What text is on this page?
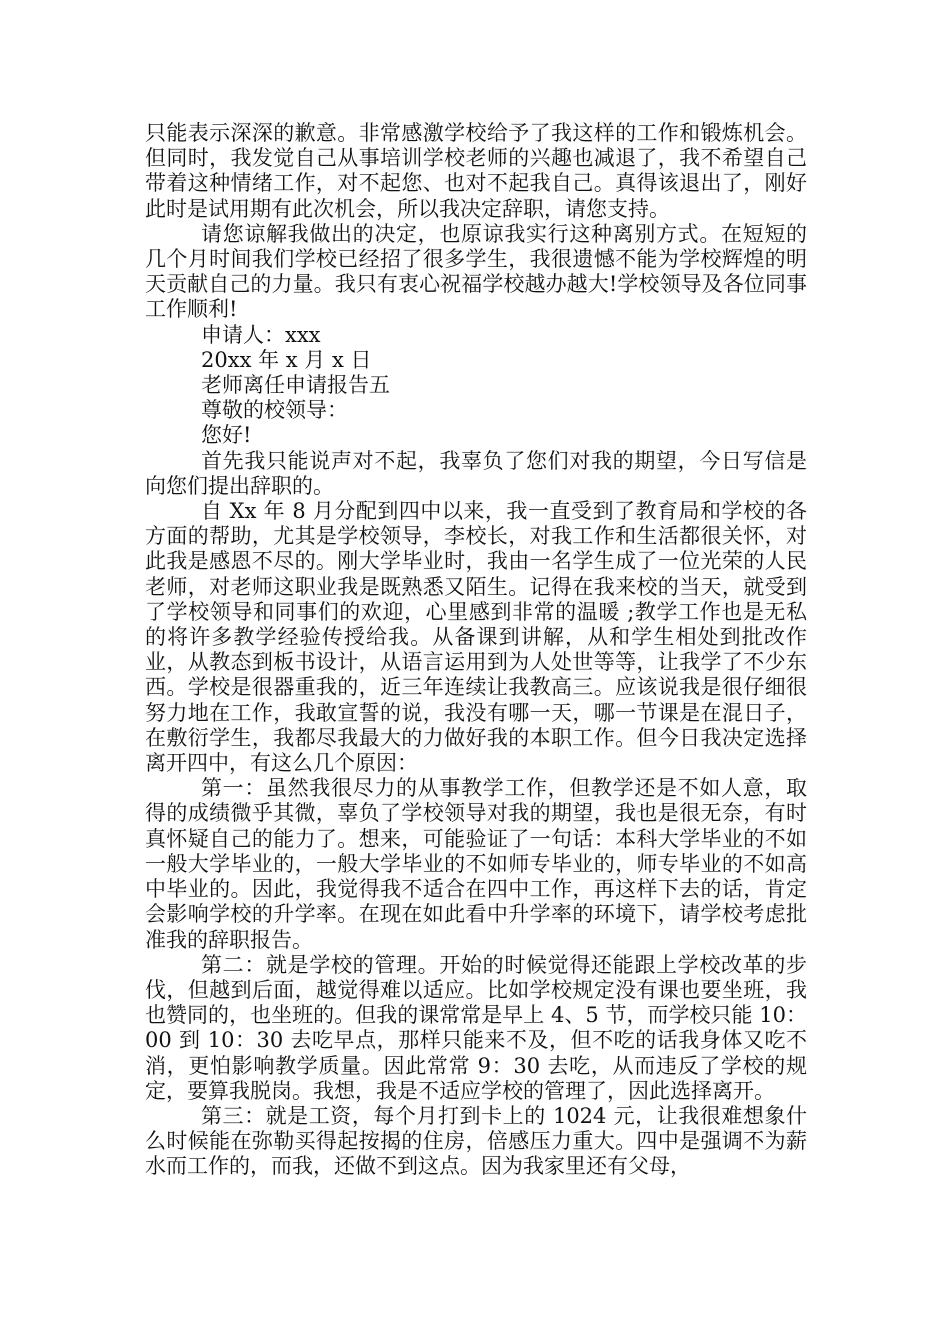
只能表示深深的歉意。非常感激学校给予了我这样的工作和锻炼机会。但同时，我发觉自己从事培训学校老师的兴趣也减退了，我不希望自己带着这种情绪工作，对不起您、也对不起我自己。真得该退出了，刚好此时是试用期有此次机会，所以我决定辞职，请您支持。

请您谅解我做出的决定，也原谅我实行这种离别方式。在短短的几个月时间我们学校已经招了很多学生，我很遗憾不能为学校辉煌的明天贡献自己的力量。我只有衷心祝福学校越办越大!学校领导及各位同事工作顺利!

申请人：xxx

20xx 年 x 月 x 日

老师离任申请报告五

尊敬的校领导：

您好!

首先我只能说声对不起，我辜负了您们对我的期望，今日写信是向您们提出辞职的。

自 Xx 年 8 月分配到四中以来，我一直受到了教育局和学校的各方面的帮助，尤其是学校领导，李校长，对我工作和生活都很关怀，对此我是感恩不尽的。刚大学毕业时，我由一名学生成了一位光荣的人民老师，对老师这职业我是既熟悉又陌生。记得在我来校的当天，就受到了学校领导和同事们的欢迎，心里感到非常的温暖 ;教学工作也是无私的将许多教学经验传授给我。从备课到讲解，从和学生相处到批改作业，从教态到板书设计，从语言运用到为人处世等等，让我学了不少东西。学校是很器重我的，近三年连续让我教高三。应该说我是很仔细很努力地在工作，我敢宣誓的说，我没有哪一天，哪一节课是在混日子，在敷衍学生，我都尽我最大的力做好我的本职工作。但今日我决定选择离开四中，有这么几个原因：

第一：虽然我很尽力的从事教学工作，但教学还是不如人意，取得的成绩微乎其微，辜负了学校领导对我的期望，我也是很无奈，有时真怀疑自己的能力了。想来，可能验证了一句话：本科大学毕业的不如一般大学毕业的，一般大学毕业的不如师专毕业的，师专毕业的不如高中毕业的。因此，我觉得我不适合在四中工作，再这样下去的话，肯定会影响学校的升学率。在现在如此看中升学率的环境下，请学校考虑批准我的辞职报告。

第二：就是学校的管理。开始的时候觉得还能跟上学校改革的步伐，但越到后面，越觉得难以适应。比如学校规定没有课也要坐班，我也赞同的，也坐班的。但我的课常常是早上 4、5 节，而学校只能 10：00 到 10：30 去吃早点，那样只能来不及，但不吃的话我身体又吃不消，更怕影响教学质量。因此常常 9：30 去吃，从而违反了学校的规定，要算我脱岗。我想，我是不适应学校的管理了，因此选择离开。

第三：就是工资，每个月打到卡上的 1024 元，让我很难想象什么时候能在弥勒买得起按揭的住房，倍感压力重大。四中是强调不为薪水而工作的，而我，还做不到这点。因为我家里还有父母，
